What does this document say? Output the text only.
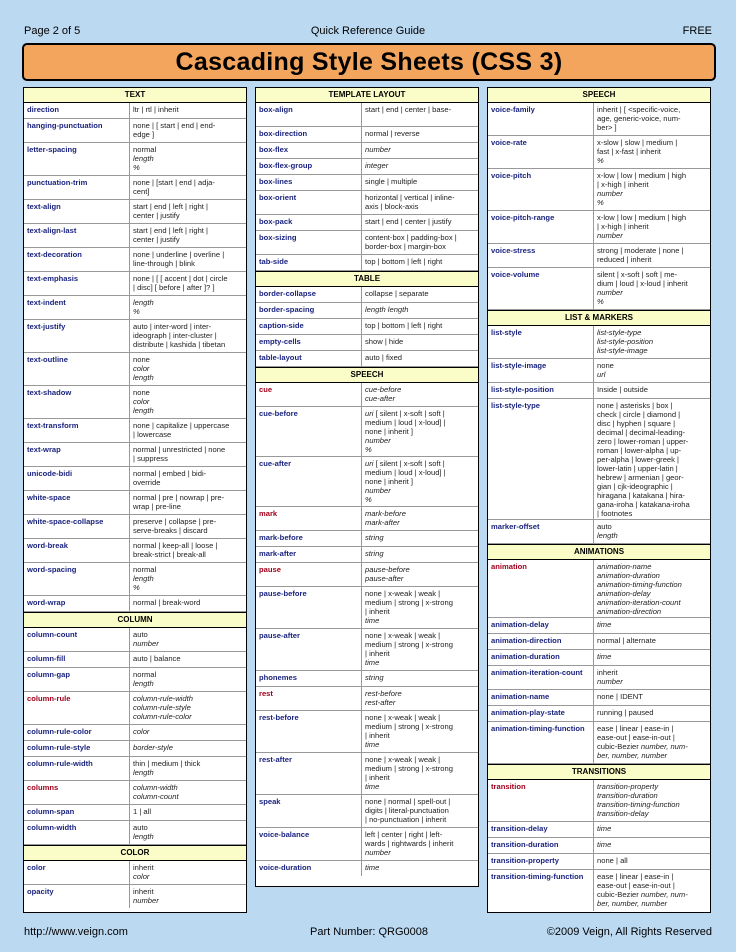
Page 2 of 5	Quick Reference Guide	FREE
Cascading Style Sheets (CSS 3)
TEXT
direction	ltr | rtl | inherit
hanging-punctuation	none | [ start | end | end-
edge ]
letter-spacing	normal
length
%
punctuation-trim	none | [start | end | adja-
cent]
text-align	start | end | left | right |
center | justify
text-align-last	start | end | left | right |
center | justify
text-decoration	none | underline | overline |
line-through | blink
text-emphasis	none | [ [ accent | dot | circle
| disc] [ before | after ]? ]
text-indent	length
%
text-justify	auto | inter-word | inter-
ideograph | inter-cluster |
distribute | kashida | tibetan
text-outline	none
color
length
text-shadow	none
color
length
text-transform	none | capitalize | uppercase
| lowercase
text-wrap	normal | unrestricted | none
| suppress
unicode-bidi	normal | embed | bidi-
override
white-space	normal | pre | nowrap | pre-
wrap | pre-line
white-space-collapse	preserve | collapse | pre-
serve-breaks | discard
word-break	normal | keep-all | loose |
break-strict | break-all
word-spacing	normal
length
%
word-wrap	normal | break-word
COLUMN
column-count	auto
number
column-fill	auto | balance
column-gap	normal
length
column-rule	column-rule-width
column-rule-style
column-rule-color
column-rule-color	color
column-rule-style	border-style
column-rule-width	thin | medium | thick
length
columns	column-width
column-count
column-span	1 | all
column-width	auto
length
COLOR
color	inherit
color
opacity	inherit
number
TEMPLATE LAYOUT
box-align	start | end | center | base-
box-direction	normal | reverse
box-flex	number
box-flex-group	integer
box-lines	single | multiple
box-orient	horizontal | vertical | inline-
axis | block-axis
box-pack	start | end | center | justify
box-sizing	content-box | padding-box |
border-box | margin-box
tab-side	top | bottom | left | right
TABLE
border-collapse	collapse | separate
border-spacing	length length
caption-side	top | bottom | left | right
empty-cells	show | hide
table-layout	auto | fixed
SPEECH
cue	cue-before
cue-after
cue-before	uri [ silent | x-soft | soft |
medium | loud | x-loud] |
none | inherit ]
number
%
cue-after	uri [ silent | x-soft | soft |
medium | loud | x-loud] |
none | inherit ]
number
%
mark	mark-before
mark-after
mark-before	string
mark-after	string
pause	pause-before
pause-after
pause-before	none | x-weak | weak |
medium | strong | x-strong
| inherit
time
pause-after	none | x-weak | weak |
medium | strong | x-strong
| inherit
time
phonemes	string
rest	rest-before
rest-after
rest-before	none | x-weak | weak |
medium | strong | x-strong
| inherit
time
rest-after	none | x-weak | weak |
medium | strong | x-strong
| inherit
time
speak	none | normal | spell-out |
digits | literal-punctuation
| no-punctuation | inherit
voice-balance	left | center | right | left-
wards | rightwards | inherit
number
voice-duration	time
SPEECH
voice-family	inherit | [ <specific-voice,
age, generic-voice, num-
ber> ]
voice-rate	x-slow | slow | medium |
fast | x-fast | inherit
%
voice-pitch	x-low | low | medium | high
| x-high | inherit
number
%
voice-pitch-range	x-low | low | medium | high
| x-high | inherit
number
voice-stress	strong | moderate | none |
reduced | inherit
voice-volume	silent | x-soft | soft | me-
dium | loud | x-loud | inherit
number
%
LIST & MARKERS
list-style	list-style-type
list-style-position
list-style-image
list-style-image	none
url
list-style-position	Inside | outside
list-style-type	none | asterisks | box |
check | circle | diamond |
disc | hyphen | square |
decimal | decimal-leading-
zero | lower-roman | upper-
roman | lower-alpha | up-
per-alpha | lower-greek |
lower-latin | upper-latin |
hebrew | armenian | geor-
gian | cjk-ideographic |
hiragana | katakana | hira-
gana-iroha | katakana-iroha
| footnotes
marker-offset	auto
length
ANIMATIONS
animation	animation-name
animation-duration
animation-timing-function
animation-delay
animation-iteration-count
animation-direction
animation-delay	time
animation-direction	normal | alternate
animation-duration	time
animation-iteration-count	inherit
number
animation-name	none | IDENT
animation-play-state	running | paused
animation-timing-function	ease | linear | ease-in |
ease-out | ease-in-out |
cubic-Bezier number, num-
ber, number, number
TRANSITIONS
transition	transition-property
transition-duration
transition-timing-function
transition-delay
transition-delay	time
transition-duration	time
transition-property	none | all
transition-timing-function	ease | linear | ease-in |
ease-out | ease-in-out |
cubic-Bezier number, num-
ber, number, number
http://www.veign.com	Part Number: QRG0008	©2009 Veign, All Rights Reserved
